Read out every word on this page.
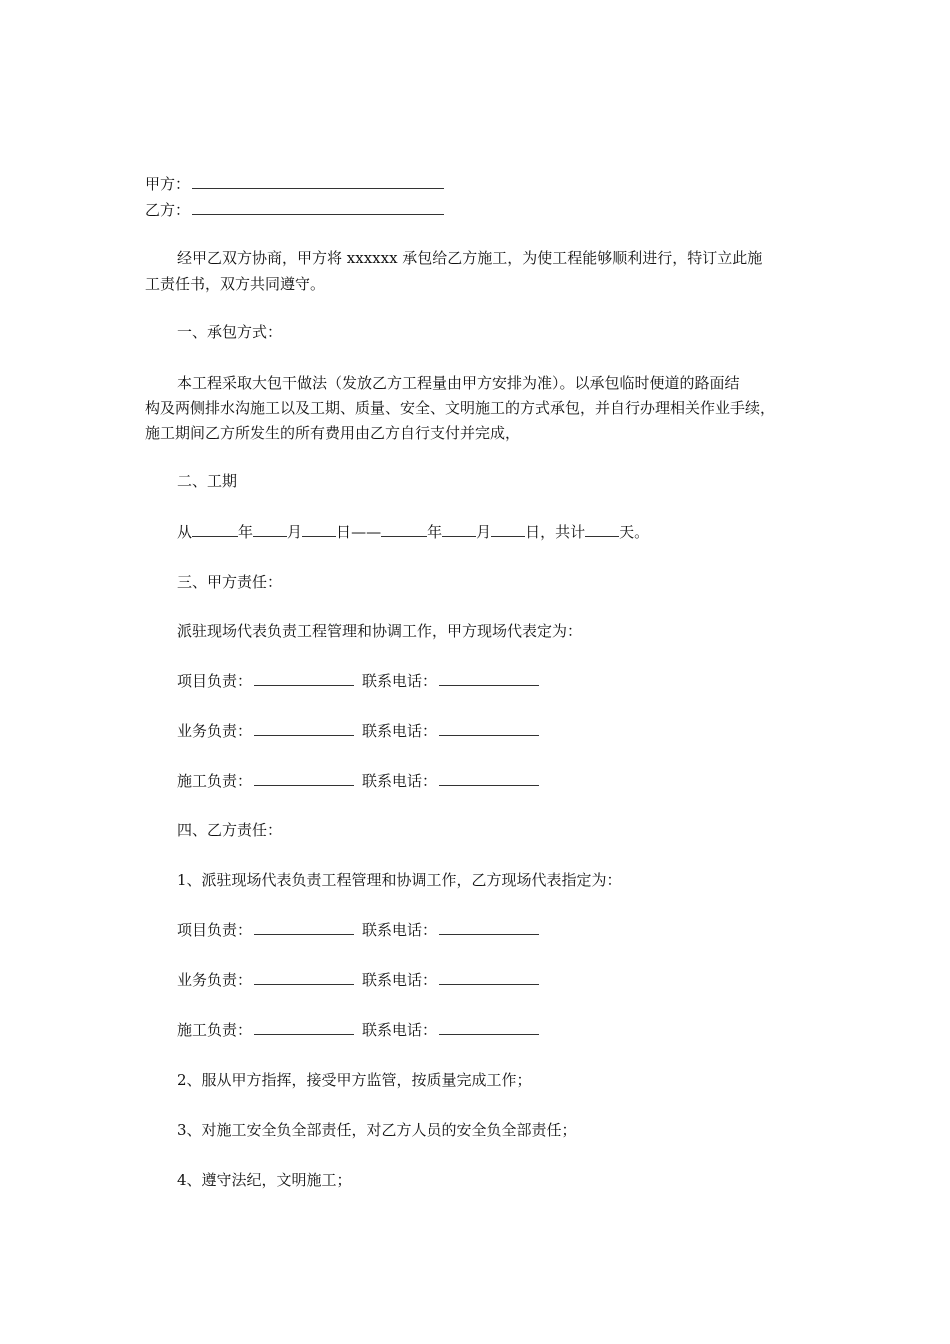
甲方：
乙方：
经甲乙双方协商，甲方将 xxxxxx 承包给乙方施工，为使工程能够顺利进行，特订立此施
工责任书，双方共同遵守。
一、承包方式：
本工程采取大包干做法（发放乙方工程量由甲方安排为准）。以承包临时便道的路面结
构及两侧排水沟施工以及工期、质量、安全、文明施工的方式承包，并自行办理相关作业手续，
施工期间乙方所发生的所有费用由乙方自行支付并完成，
二、工期
从	年 月 日——	年 月 日，共计 天。
三、甲方责任：
派驻现场代表负责工程管理和协调工作，甲方现场代表定为：
项目负责：	联系电话：
业务负责：	联系电话：
施工负责：	联系电话：
四、乙方责任：
1、派驻现场代表负责工程管理和协调工作，乙方现场代表指定为：
项目负责：	联系电话：
业务负责：	联系电话：
施工负责：	联系电话：
2、服从甲方指挥，接受甲方监管，按质量完成工作；
3、对施工安全负全部责任，对乙方人员的安全负全部责任；
4、遵守法纪，文明施工；
